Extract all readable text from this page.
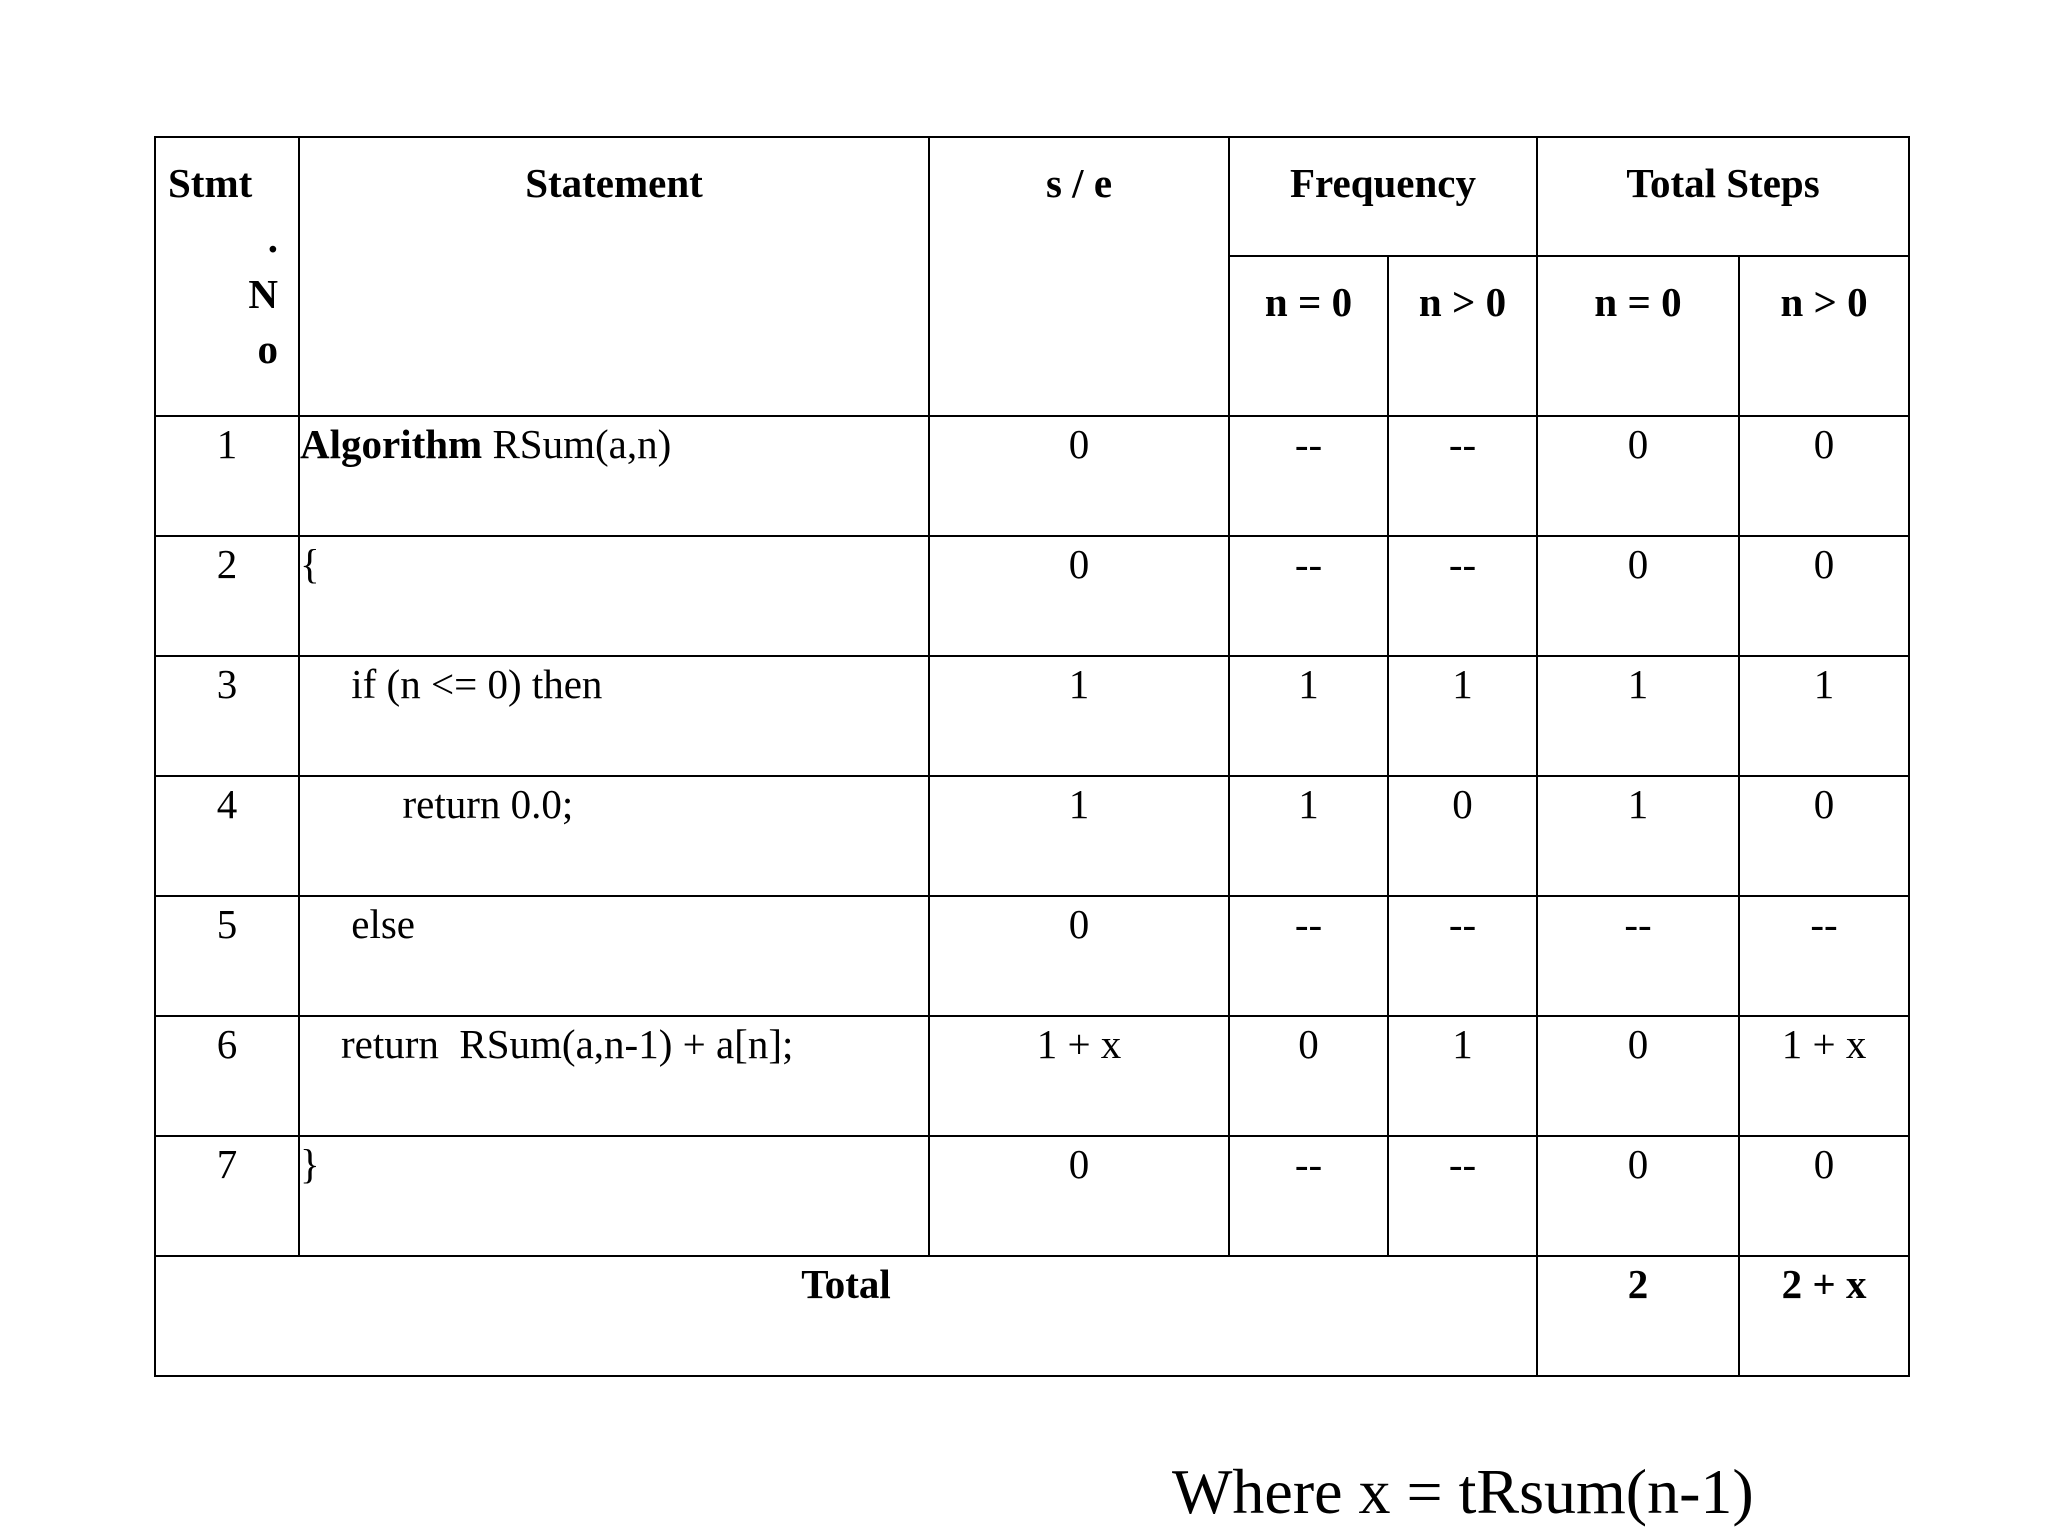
Stmt
.
N
o	Statement	s / e	Frequency		Total Steps	
			n = 0	n > 0	n = 0	n > 0
1	Algorithm RSum(a,n)	0	--	--	0	0
2	{	0	--	--	0	0
3	if (n <= 0) then	1	1	1	1	1
4	return 0.0;	1	1	0	1	0
5	else	0	--	--	--	--
6	return  RSum(a,n-1) + a[n];	1 + x	0	1	0	1 + x
7	}	0	--	--	0	0
Total					2	2 + x
Where x = tRsum(n-1)
